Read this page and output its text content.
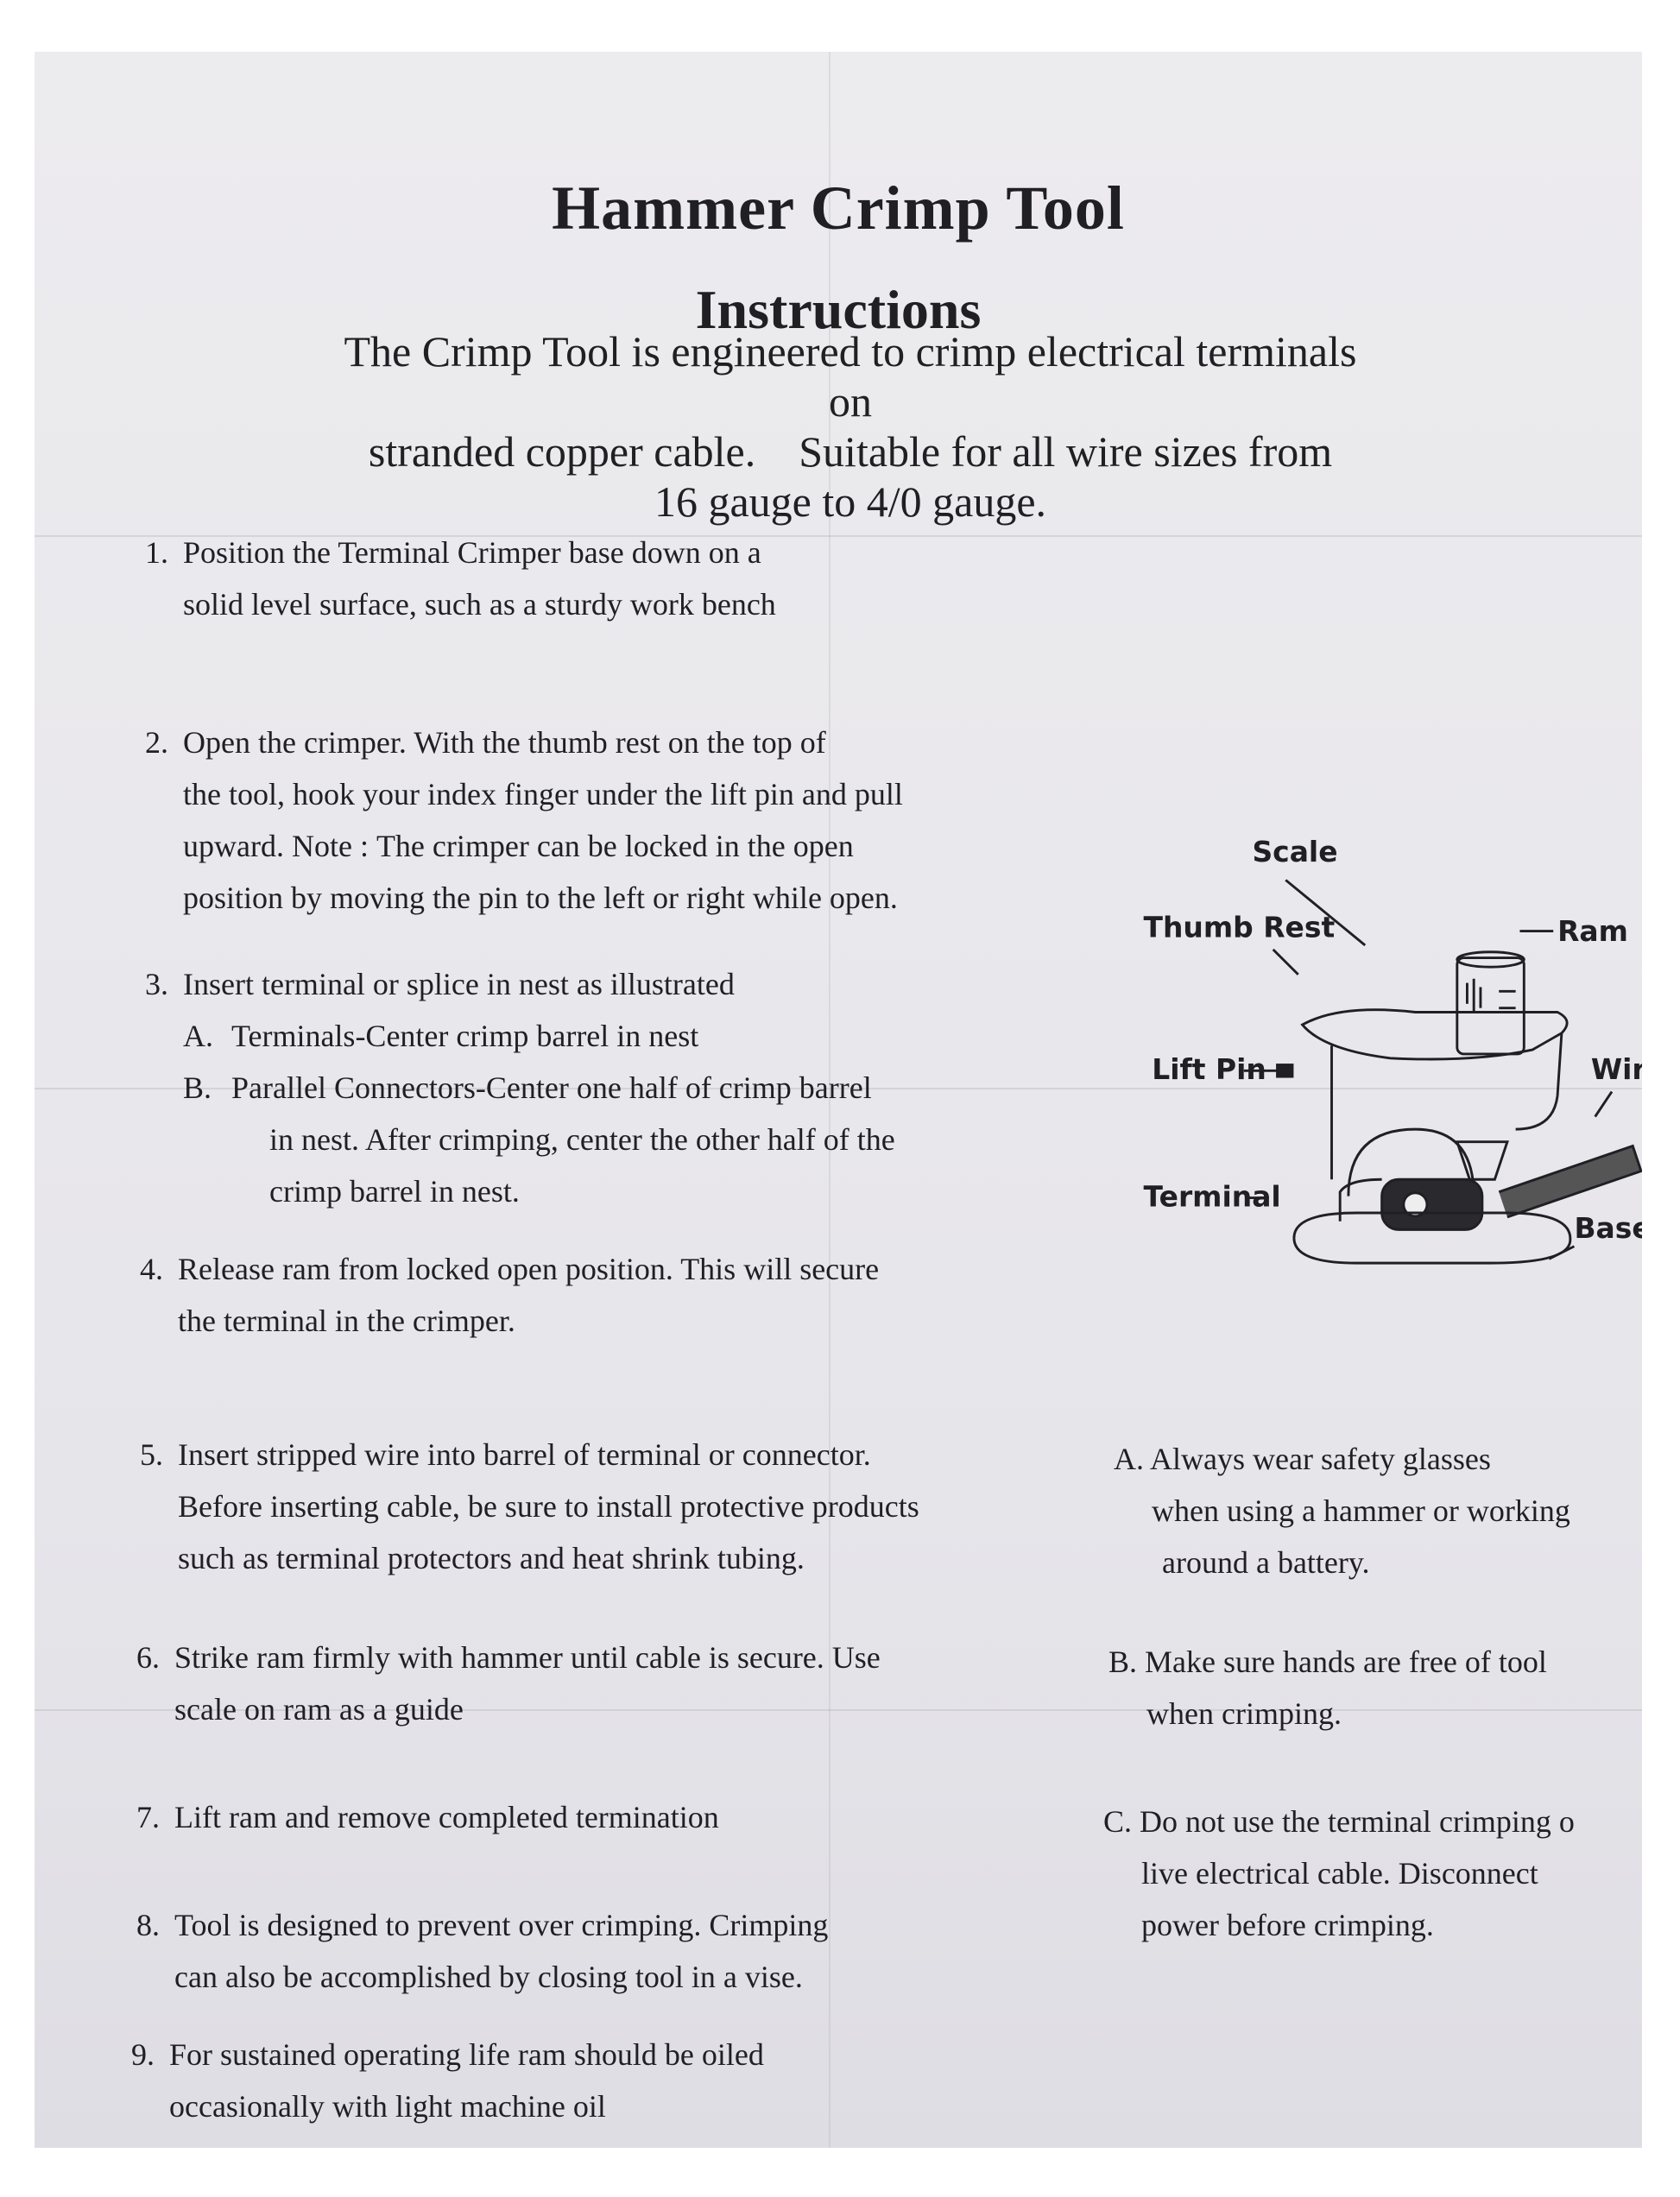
Hammer Crimp Tool
Instructions
The Crimp Tool is engineered to crimp electrical terminals on
stranded copper cable.    Suitable for all wire sizes from
16 gauge to 4/0 gauge.
1. Position the Terminal Crimper base down on a
solid level surface, such as a sturdy work bench
2. Open the crimper. With the thumb rest on the top of
the tool, hook your index finger under the lift pin and pull
upward. Note : The crimper can be locked in the open
position by moving the pin to the left or right while open.
3. Insert terminal or splice in nest as illustrated
A. Terminals-Center crimp barrel in nest
B. Parallel Connectors-Center one half of crimp barrel
in nest. After crimping, center the other half of the
crimp barrel in nest.
4. Release ram from locked open position. This will secure
the terminal in the crimper.
5. Insert stripped wire into barrel of terminal or connector.
Before inserting cable, be sure to install protective products
such as terminal protectors and heat shrink tubing.
6. Strike ram firmly with hammer until cable is secure. Use
scale on ram as a guide
7. Lift ram and remove completed termination
8. Tool is designed to prevent over crimping. Crimping
can also be accomplished by closing tool in a vise.
9. For sustained operating life ram should be oiled
occasionally with light machine oil
A. Always wear safety glasses
when using a hammer or working
around a battery.
B. Make sure hands are free of tool
when crimping.
C. Do not use the terminal crimping o
live electrical cable. Disconnect
power before crimping.
Scale
Thumb Rest	Ram
Lift Pin	Wire
Terminal
Base
